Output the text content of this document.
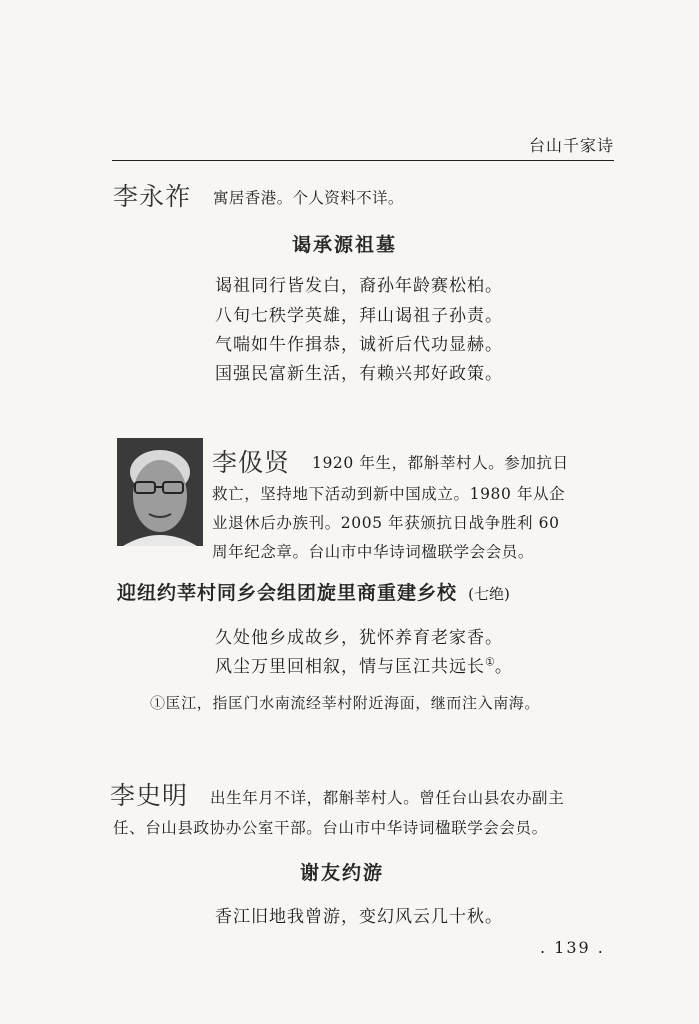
台山千家诗
李永祚 寓居香港。个人资料不详。
谒承源祖墓
谒祖同行皆发白，裔孙年龄赛松柏。
八旬七秩学英雄，拜山谒祖子孙责。
气喘如牛作揖恭，诚祈后代功显赫。
国强民富新生活，有赖兴邦好政策。
李伋贤 1920 年生，都斛莘村人。参加抗日
救亡，坚持地下活动到新中国成立。1980 年从企
业退休后办族刊。2005 年获颁抗日战争胜利 60
周年纪念章。台山市中华诗词楹联学会会员。
迎纽约莘村同乡会组团旋里商重建乡校 (七绝)
久处他乡成故乡，犹怀养育老家香。
风尘万里回相叙，情与匡江共远长①。
①匡江，指匡门水南流经莘村附近海面，继而注入南海。
李史明 出生年月不详，都斛莘村人。曾任台山县农办副主
任、台山县政协办公室干部。台山市中华诗词楹联学会会员。
谢友约游
香江旧地我曾游，变幻风云几十秋。
. 139 .
